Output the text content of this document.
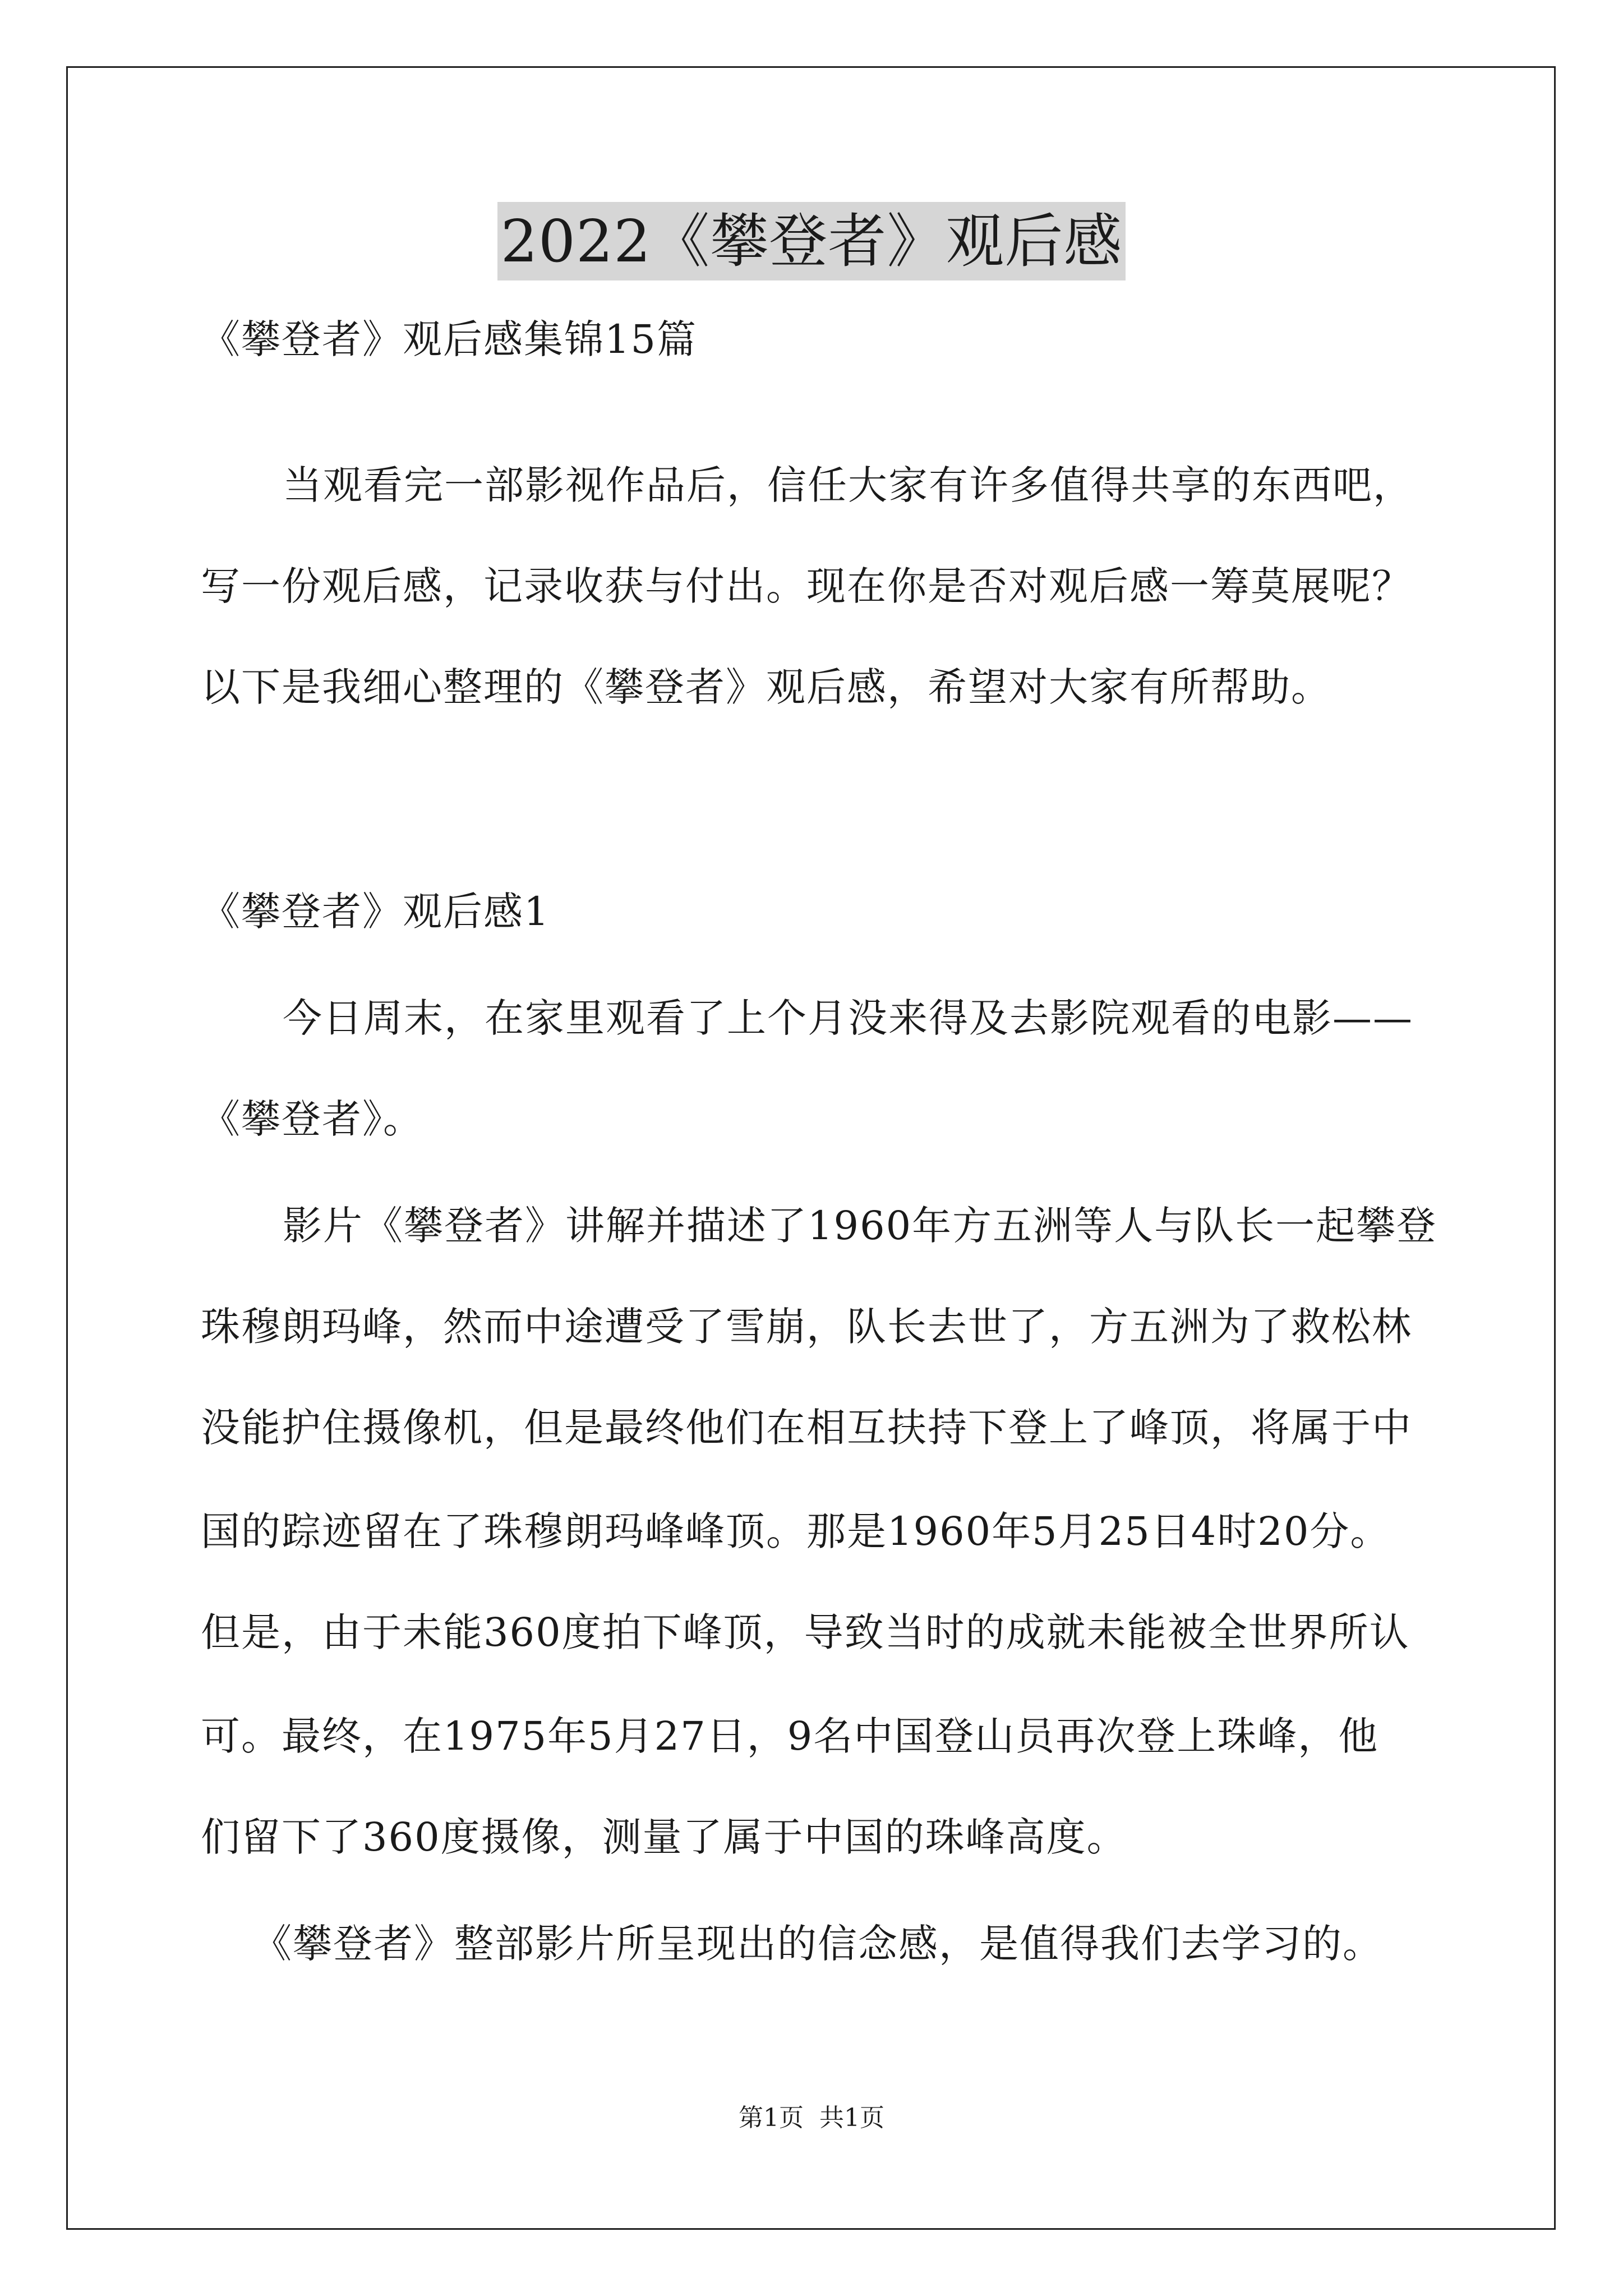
2022《攀登者》观后感
《攀登者》观后感集锦15篇
当观看完一部影视作品后，信任大家有许多值得共享的东西吧，
写一份观后感，记录收获与付出。现在你是否对观后感一筹莫展呢？
以下是我细心整理的《攀登者》观后感，希望对大家有所帮助。
《攀登者》观后感1
今日周末，在家里观看了上个月没来得及去影院观看的电影——
《攀登者》。
影片《攀登者》讲解并描述了1960年方五洲等人与队长一起攀登
珠穆朗玛峰，然而中途遭受了雪崩，队长去世了，方五洲为了救松林
没能护住摄像机，但是最终他们在相互扶持下登上了峰顶，将属于中
国的踪迹留在了珠穆朗玛峰峰顶。那是1960年5月25日4时20分。
但是，由于未能360度拍下峰顶，导致当时的成就未能被全世界所认
可。最终，在1975年5月27日，9名中国登山员再次登上珠峰，他
们留下了360度摄像，测量了属于中国的珠峰高度。
《攀登者》整部影片所呈现出的信念感，是值得我们去学习的。
第1页 共1页
